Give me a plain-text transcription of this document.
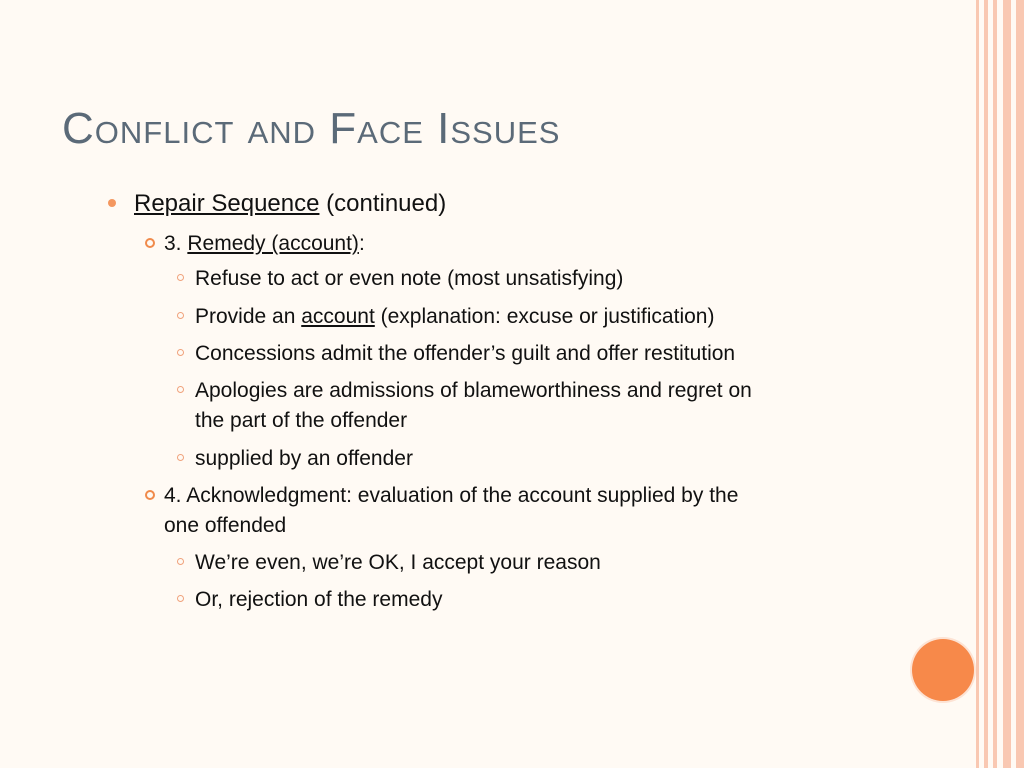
Conflict and Face Issues
Repair Sequence (continued)
3. Remedy (account):
Refuse to act or even note (most unsatisfying)
Provide an account (explanation: excuse or justification)
Concessions admit the offender’s guilt and offer restitution
Apologies are admissions of blameworthiness and regret on
the part of the offender
supplied by an offender
4. Acknowledgment: evaluation of the account supplied by the
one offended
We’re even, we’re OK, I accept your reason
Or, rejection of the remedy
